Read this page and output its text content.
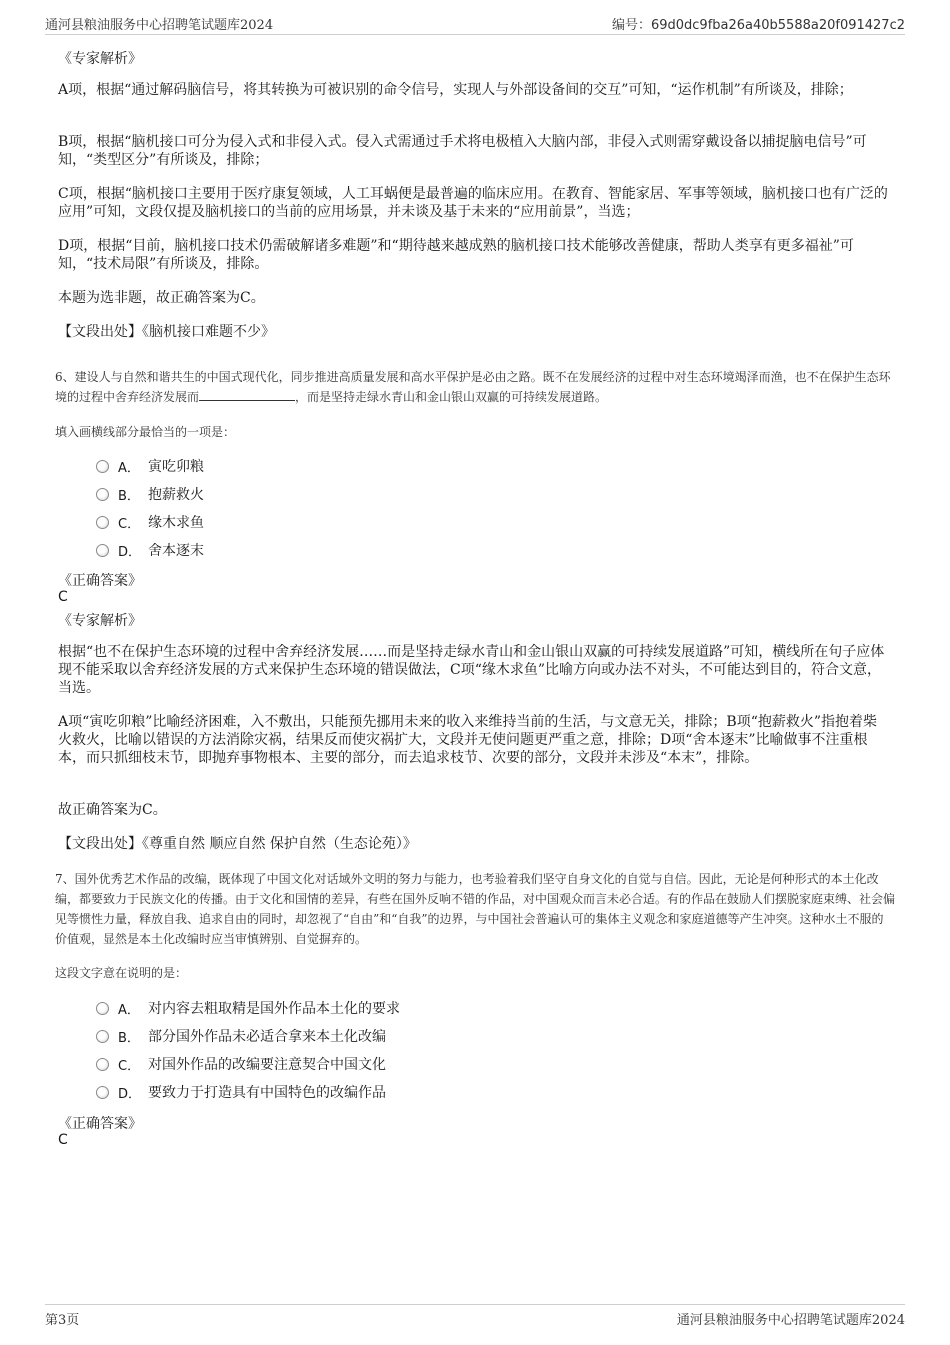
通河县粮油服务中心招聘笔试题库2024	编号：69d0dc9fba26a40b5588a20f091427c2
《专家解析》
A项，根据“通过解码脑信号，将其转换为可被识别的命令信号，实现人与外部设备间的交互”可知，“运作机制”有所谈及，排除；
B项，根据“脑机接口可分为侵入式和非侵入式。侵入式需通过手术将电极植入大脑内部，非侵入式则需穿戴设备以捕捉脑电信号”可知，“类型区分”有所谈及，排除；
C项，根据“脑机接口主要用于医疗康复领域，人工耳蜗便是最普遍的临床应用。在教育、智能家居、军事等领域，脑机接口也有广泛的应用”可知，文段仅提及脑机接口的当前的应用场景，并未谈及基于未来的“应用前景”，当选；
D项，根据“目前，脑机接口技术仍需破解诸多难题”和“期待越来越成熟的脑机接口技术能够改善健康，帮助人类享有更多福祉”可知，“技术局限”有所谈及，排除。
本题为选非题，故正确答案为C。
【文段出处】《脑机接口难题不少》
6、建设人与自然和谐共生的中国式现代化，同步推进高质量发展和高水平保护是必由之路。既不在发展经济的过程中对生态环境竭泽而渔，也不在保护生态环境的过程中舍弃经济发展而	，而是坚持走绿水青山和金山银山双赢的可持续发展道路。
填入画横线部分最恰当的一项是：
A． 寅吃卯粮
B． 抱薪救火
C． 缘木求鱼
D． 舍本逐末
《正确答案》
C
《专家解析》
根据“也不在保护生态环境的过程中舍弃经济发展……而是坚持走绿水青山和金山银山双赢的可持续发展道路”可知，横线所在句子应体现不能采取以舍弃经济发展的方式来保护生态环境的错误做法，C项“缘木求鱼”比喻方向或办法不对头，不可能达到目的，符合文意，当选。
A项“寅吃卯粮”比喻经济困难，入不敷出，只能预先挪用未来的收入来维持当前的生活，与文意无关，排除；B项“抱薪救火”指抱着柴火救火，比喻以错误的方法消除灾祸，结果反而使灾祸扩大，文段并无使问题更严重之意，排除；D项“舍本逐末”比喻做事不注重根本，而只抓细枝末节，即抛弃事物根本、主要的部分，而去追求枝节、次要的部分，文段并未涉及“本末”，排除。
故正确答案为C。
【文段出处】《尊重自然 顺应自然 保护自然（生态论苑）》
7、国外优秀艺术作品的改编，既体现了中国文化对话域外文明的努力与能力，也考验着我们坚守自身文化的自觉与自信。因此，无论是何种形式的本土化改编，都要致力于民族文化的传播。由于文化和国情的差异，有些在国外反响不错的作品，对中国观众而言未必合适。有的作品在鼓励人们摆脱家庭束缚、社会偏见等惯性力量，释放自我、追求自由的同时，却忽视了“自由”和“自我”的边界，与中国社会普遍认可的集体主义观念和家庭道德等产生冲突。这种水土不服的价值观，显然是本土化改编时应当审慎辨别、自觉摒弃的。
这段文字意在说明的是：
A． 对内容去粗取精是国外作品本土化的要求
B． 部分国外作品未必适合拿来本土化改编
C． 对国外作品的改编要注意契合中国文化
D． 要致力于打造具有中国特色的改编作品
《正确答案》
C
第3页	通河县粮油服务中心招聘笔试题库2024
